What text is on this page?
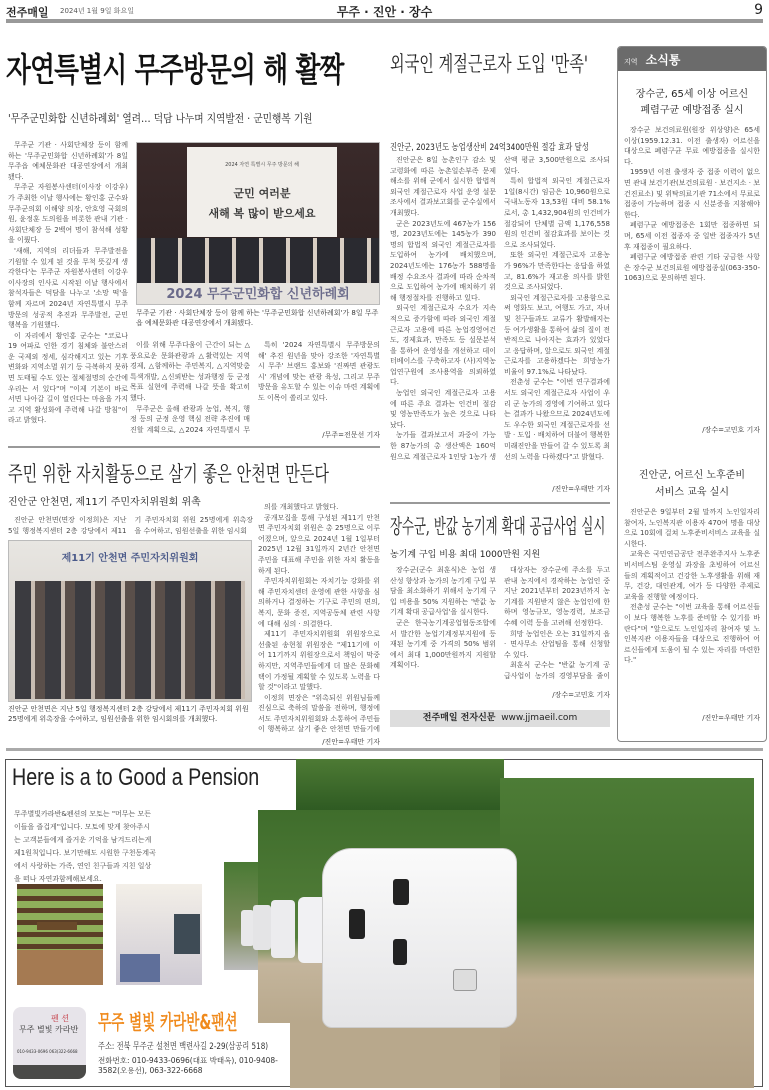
전주매일 2024년 1월 9일 화요일	무주 · 진안 · 장수	9
자연특별시 무주방문의 해 활짝
'무주군민화합 신년하례회' 열려… 덕담 나누며 지역발전 · 군민행복 기원

무주군 기관 · 사회단체장 등이 함께 하는 '무주군민화합 신년하례회'가 8일 무주읍 예체문화관 대공연장에서 개최됐다.

무주군 자원봉사센터(이사장 이강우)가 주최한 이날 행사에는 황인홍 군수와 무주군의회 이해양 의장, 안호영 국회의원, 윤정훈 도의원을 비롯한 관내 기관 · 사회단체장 등 2백여 명이 참석해 성황을 이뤘다.

'새해, 지역의 리더들과 무주발전을 기원할 수 있게 된 것을 무척 뜻깊게 생각한다'는 무주군 자원봉사센터 이강우 이사장의 인사로 시작된 이날 행사에서 참석자들은 덕담을 나누고 '소망 떡'을 함께 자르며 2024년 자연특별시 무주방문의 성공적 추진과 무주발전, 군민 행복을 기원했다.

이 자리에서 황인홍 군수는 "코로나19 여파로 인한 경기 침체와 불안스러운 국제외 정세, 심각해지고 있는 기후변화와 지역소멸 위기 등 극복하지 못하면 도태될 수도 있는 절체절명의 순간에 우리는 서 있다"며 "이제 기본이 바로 서면 나아갈 길이 열린다는 마음을 가지고 지역 활성화에 주력해 나갈 방침"이라고 밝혔다.

2024 자연 특별시 무주 방문의 해
군민 여러분
새해 복 많이 받으세요
2024 무주군민화합 신년하례회
무주군 기관 · 사회단체장 등이 함께 하는 '무주군민화합 신년하례회'가 8일 무주읍 예체문화관 대공연장에서 개최됐다.

이를 위해 무주다움이 근간이 되는 △풍요로운 문화관광과 △활력있는 지역경제, △함께하는 주민복지, △지역맞춤 특색개발, △신뢰받는 성과행정 등 군정목표 실현에 주력해 나갈 뜻을 확고히 했다.

무주군은 올해 관광과 농업, 복지, 행정 등의 군정 운영 핵심 전략 추진에 매진할 계획으로, △2024 자연특별시 무

특히 '2024 자연특별시 무주방문의 해' 추진 원년을 맞아 강조한 '자연특별시 무주' 브랜드 홍보와 '진짜면 관광도시' 개념에 맞는 관광 육성, 그리고 무주방문을 유도할 수 있는 이슈 마련 계획에도 이목이 쏠리고 있다.

/무주=전문선 기자
주민 위한 자치활동으로 살기 좋은 안천면 만든다
진안군 안천면, 제11기 주민자치위원회 위촉

진안군 안천면(면장 이정희)은 지난 5일 행정복지센터 2층 강당에서 제11기 주민자치회 위원 25명에게 위촉장을 수여하고, 임원선출을 위한 임시회

제11기 안천면 주민자치위원회
진안군 안천면은 지난 5일 행정복지센터 2층 강당에서 제11기 주민자치회 위원 25명에게 위촉장을 수여하고, 임원선출을 위한 임시회의를 개최했다.

의를 개최했다고 밝혔다.

공개모집을 통해 구성된 제11기 안천면 주민자치회 위원은 총 25명으로 이루어졌으며, 앞으로 2024년 1월 1일부터 2025년 12월 31일까지 2년간 안천면 주민을 대표해 주민을 위한 자치 활동을 하게 된다.

주민자치위원회는 자치기능 강화를 위해 주민자치센터 운영에 관한 사항을 심의하거나 결정하는 기구로 주민의 편의, 복지, 문화 증진, 지역공동체 관련 사항에 대해 심의 · 의결한다.

제11기 주민자치위원회 위원장으로 선출된 송현철 위원장은 "제11기에 이어 11기까지 위원장으로서 책임이 막중하지만, 지역주민들에게 더 많은 문화혜택이 가정될 계획할 수 있도록 노력을 다할 것"이라고 말했다.

이정희 면장은 "위촉되신 위원님들께 진심으로 축하의 말씀을 전하며, 행정에서도 주민자치위원회와 소통하여 주민들이 행복하고 살기 좋은 안천면 만들기에

/진안=우태만 기자
외국인 계절근로자 도입 '만족'
진안군, 2023년도 농업생산비 24억3400만원 절감 효과 달성

진안군은 8일 농촌인구 감소 및 고령화에 따른 농촌일손부족 문제 해소를 위해 군에서 실시한 합법적 외국인 계절근로자 사업 운영 설문조사에서 결과보고회를 군수실에서 개최했다.

군은 2023년도에 467농가 156명, 2023년도에는 145농가 390명의 합법적 외국인 계절근로자를 도입하여 농가에 배치했으며, 2024년도에는 176농가 588명을 배정 수요조사 결과에 따라 순차적으로 도입하여 농가에 배치하기 위해 행정절차를 진행하고 있다.

외국인 계절근로자 수요가 지속적으로 증가함에 따라 외국인 계절근로자 고용에 따른 농업경영여건도, 경제효과, 만족도 등 설문분석을 통하여 운영성을 개선하고 데이터베이스를 구축하고자 (사)지역농업연구원에 조사용역을 의뢰하였다.

농업인 외국인 계절근로자 고용에 따른 주요 결과는 인건비 절감 및 영농만족도가 높은 것으로 나타났다.

농가들 결과보고서 과중이 가능한 87농가의 총 생산액은 160억 원으로 계절근로자 1인당 1농가 생산액 평균 3,500만원으로 조사되었다.

특히 합법적 외국인 계절근로자 1일(8시간) 임금은 10,960원으로 국내노동자 13,53원 대비 58.1%로서, 총 1,432,904원의 인건비가 절감되어 단체별 금액 1,176,558원의 인건비 절감효과를 보이는 것으로 조사되었다.

또한 외국인 계절근로자 고용농가 96%가 만족한다는 응답을 하였고, 81.6%가 재고용 의사를 밝힌 것으로 조사되었다.

외국인 계절근로자를 고용함으로써 영화도 보고, 여행도 가고, 자녀 및 친구들과도 교류가 활발해지는 등 여가생활을 통하여 삶의 질이 전반적으로 나아지는 효과가 있었다고 응답하며, 앞으로도 외국인 계절근로자를 고용하겠다는 희망농가 비율이 97.1%로 나타났다.

전춘성 군수는 "이번 연구결과에서도 외국인 계절근로자 사업이 우리 군 농가의 경영에 기여하고 있다는 결과가 나왔으므로 2024년도에도 우수한 외국인 계절근로자를 선발 · 도입 · 배치하여 더불어 행복한 미래진안을 만들어 갈 수 있도록 최선의 노력을 다하겠다"고 밝혔다.

/진안=우태만 기자
장수군, 반값 농기계 확대 공급사업 실시
농기계 구입 비용 최대 1000만원 지원

장수군(군수 최훈식)은 농업 생산성 향상과 농가의 농기계 구입 부담을 최소화하기 위해서 농기계 구입 비용을 50% 지원하는 '반값 농기계 확대 공급사업'을 실시한다.

군은 한국농기계공업협동조합에서 발간한 농업기계정부지원에 등재된 농기계 중 가격의 50% 범위에서 최대 1,000만원까지 지원할 계획이다.

대상자는 장수군에 주소를 두고 관내 농지에서 경작하는 농업인 중 지난 2021년부터 2023년까지 농기계를 지원받지 않은 농업인에 한하며 영농규모, 영농경력, 보조금 수혜 이력 등을 고려해 선정한다.

희망 농업인은 오는 31일까지 읍 · 면사무소 산업팀을 통해 신청할 수 있다.

최훈식 군수는 "반값 농기계 공급사업이 농가의 경영부담을 줄이

/장수=고민호 기자
전주매일 전자신문 www.jjmaeil.com
지역 소식통
장수군, 65세 이상 어르신
폐렴구균 예방접종 실시

장수군 보건의료원(원장 위상양)은 65세 이상(1959.12.31. 이전 출생자) 어르신을 대상으로 폐렴구균 무료 예방접종을 실시한다.

1959년 이전 출생자 중 접종 이력이 없으면 관내 보건기관(보건의료원 · 보건지소 · 보건진료소) 및 위탁의료기관 71소에서 무료로 접종이 가능하며 접종 시 신분증을 지참해야 한다.

폐렴구균 예방접종은 1회만 접종하면 되며, 65세 이전 접종자 중 일반 접종자가 5년 후 재접종이 필요하다.

폐렴구균 예방접종 관련 기타 궁금한 사항은 장수군 보건의료원 예방접종실(063-350-1063)으로 문의하면 된다.

/장수=고민호 기자
진안군, 어르신 노후준비
서비스 교육 실시

진안군은 9일부터 2월 말까지 노인일자리 참여자, 노인복지관 이용자 470여 명을 대상으로 10회에 걸쳐 노후준비서비스 교육을 실시한다.

교육은 국민연금공단 전주완주지사 노후준비서비스팀 운영실 과장을 초빙하여 어르신들의 계획적이고 건강한 노후생활을 위해 재무, 건강, 대인관계, 여가 등 다양한 주제로 교육을 진행할 예정이다.

전춘성 군수는 "이번 교육을 통해 어르신들이 보다 행복한 노후를 준비할 수 있기를 바란다"며 "앞으로도 노인일자리 참여자 및 노인복지관 이용자들을 대상으로 진행하여 어르신들에게 도움이 될 수 있는 자리를 마련한다."

/진안=우태만 기자
Here is a to Good a Pension
무주별빛카라반&펜션의 모토는 "머무는 모든이들을 즐겁게"입니다. 모토에 맞게 찾아주시는 고객분들에게 즐거운 기억을 남겨드리는게 제1원칙입니다. 보기만해도 시원한 구천동계곡에서 사랑하는 가족, 연인 친구들과 지친 일상을 떠나 자연과함께해보세요.
펜 션
무주 별빛 카라반
010-9433-0696 063)322-6668
무주 별빛 카라반&팬션
주소: 전북 무주군 설천면 백련사길 2-29(삼공리 518)
전화번호: 010-9433-0696(대표 박태옥), 010-9408-3582(오용선), 063-322-6668
